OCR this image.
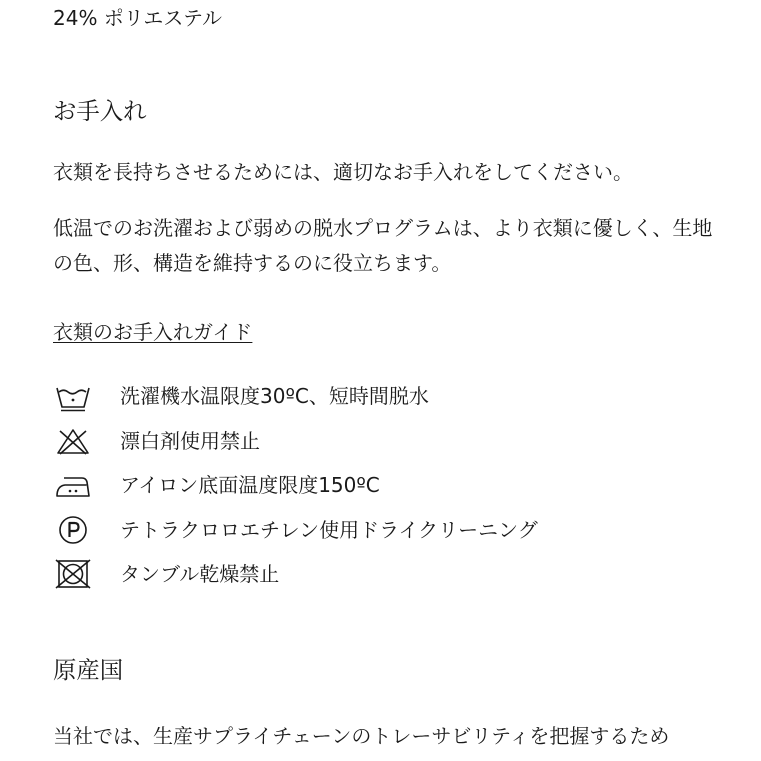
24% ポリエステル

お手入れ

衣類を長持ちさせるためには、適切なお手入れをしてください。

低温でのお洗濯および弱めの脱水プログラムは、より衣類に優しく、生地の色、形、構造を維持するのに役立ちます。

衣類のお手入れガイド
洗濯機水温限度30ºC、短時間脱水
漂白剤使用禁止
アイロン底面温度限度150ºC
テトラクロロエチレン使用ドライクリーニング
タンブル乾燥禁止
原産国

当社では、生産サプライチェーンのトレーサビリティを把握するため
